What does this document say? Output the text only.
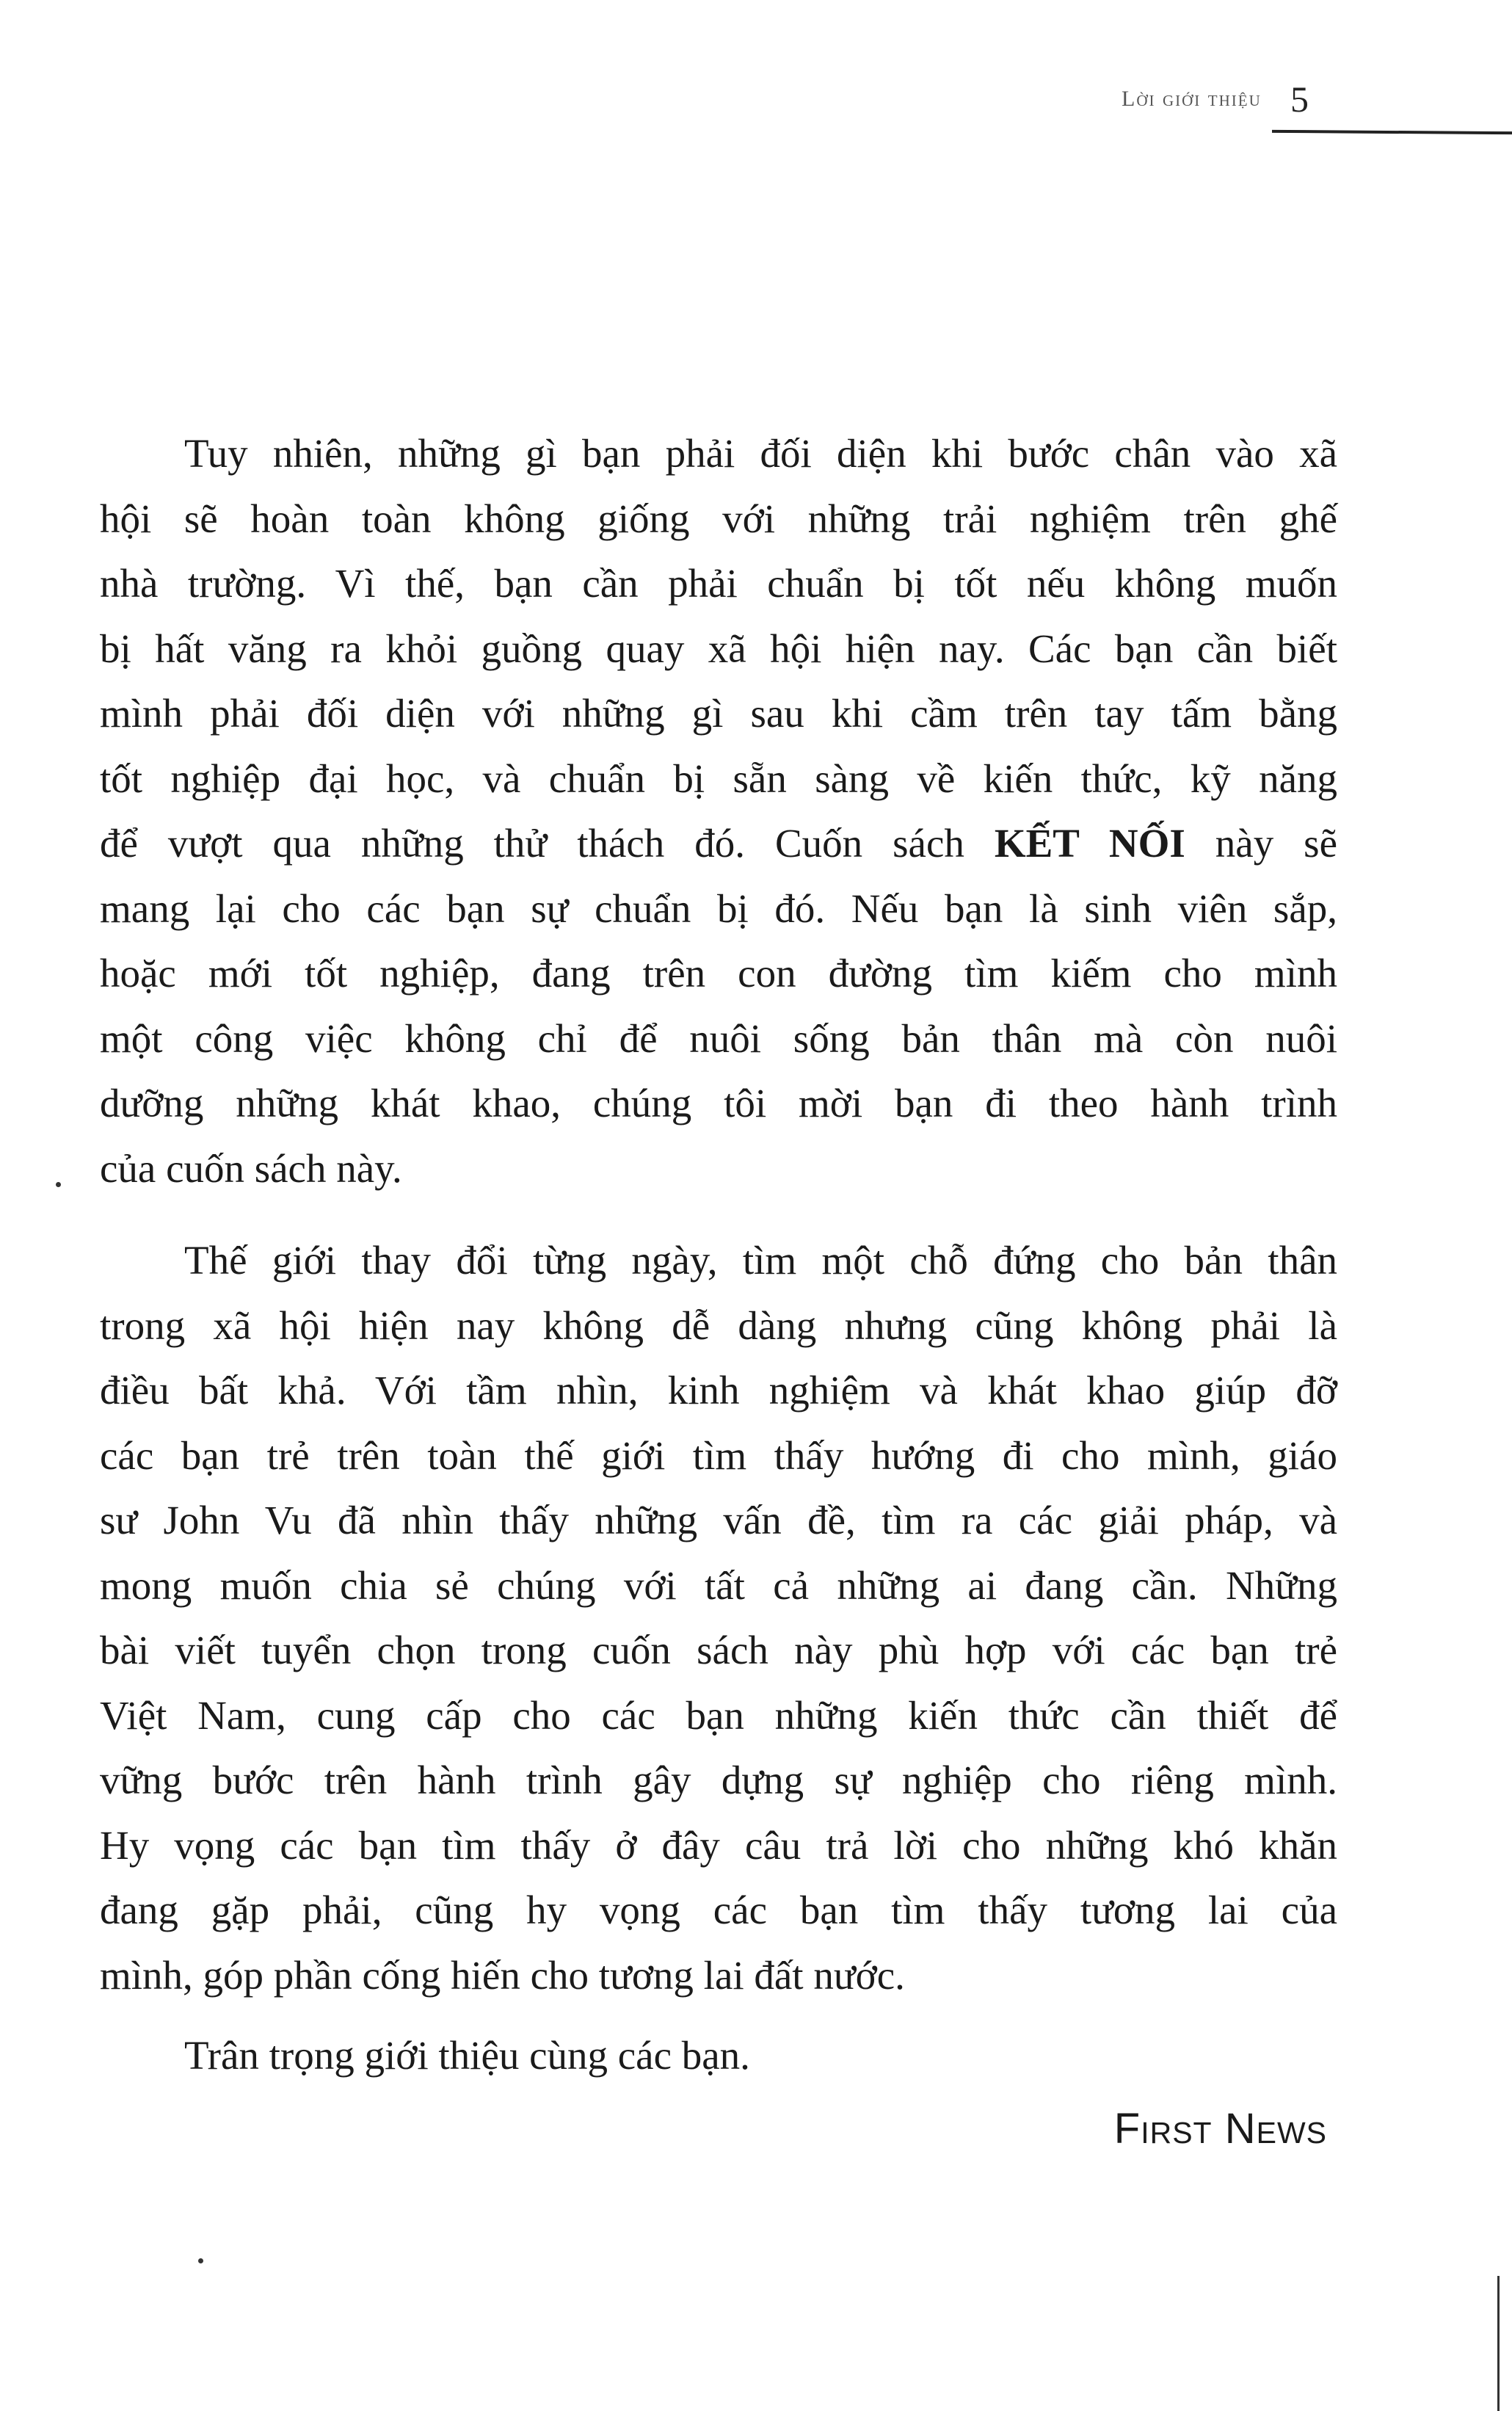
Lời giới thiệu 5
Tuy nhiên, những gì bạn phải đối diện khi bước chân vào xã
hội sẽ hoàn toàn không giống với những trải nghiệm trên ghế
nhà trường. Vì thế, bạn cần phải chuẩn bị tốt nếu không muốn
bị hất văng ra khỏi guồng quay xã hội hiện nay. Các bạn cần biết
mình phải đối diện với những gì sau khi cầm trên tay tấm bằng
tốt nghiệp đại học, và chuẩn bị sẵn sàng về kiến thức, kỹ năng
để vượt qua những thử thách đó. Cuốn sách KẾT NỐI này sẽ
mang lại cho các bạn sự chuẩn bị đó. Nếu bạn là sinh viên sắp,
hoặc mới tốt nghiệp, đang trên con đường tìm kiếm cho mình
một công việc không chỉ để nuôi sống bản thân mà còn nuôi
dưỡng những khát khao, chúng tôi mời bạn đi theo hành trình
của cuốn sách này.
Thế giới thay đổi từng ngày, tìm một chỗ đứng cho bản thân
trong xã hội hiện nay không dễ dàng nhưng cũng không phải là
điều bất khả. Với tầm nhìn, kinh nghiệm và khát khao giúp đỡ
các bạn trẻ trên toàn thế giới tìm thấy hướng đi cho mình, giáo
sư John Vu đã nhìn thấy những vấn đề, tìm ra các giải pháp, và
mong muốn chia sẻ chúng với tất cả những ai đang cần. Những
bài viết tuyển chọn trong cuốn sách này phù hợp với các bạn trẻ
Việt Nam, cung cấp cho các bạn những kiến thức cần thiết để
vững bước trên hành trình gây dựng sự nghiệp cho riêng mình.
Hy vọng các bạn tìm thấy ở đây câu trả lời cho những khó khăn
đang gặp phải, cũng hy vọng các bạn tìm thấy tương lai của
mình, góp phần cống hiến cho tương lai đất nước.
Trân trọng giới thiệu cùng các bạn.
First News
